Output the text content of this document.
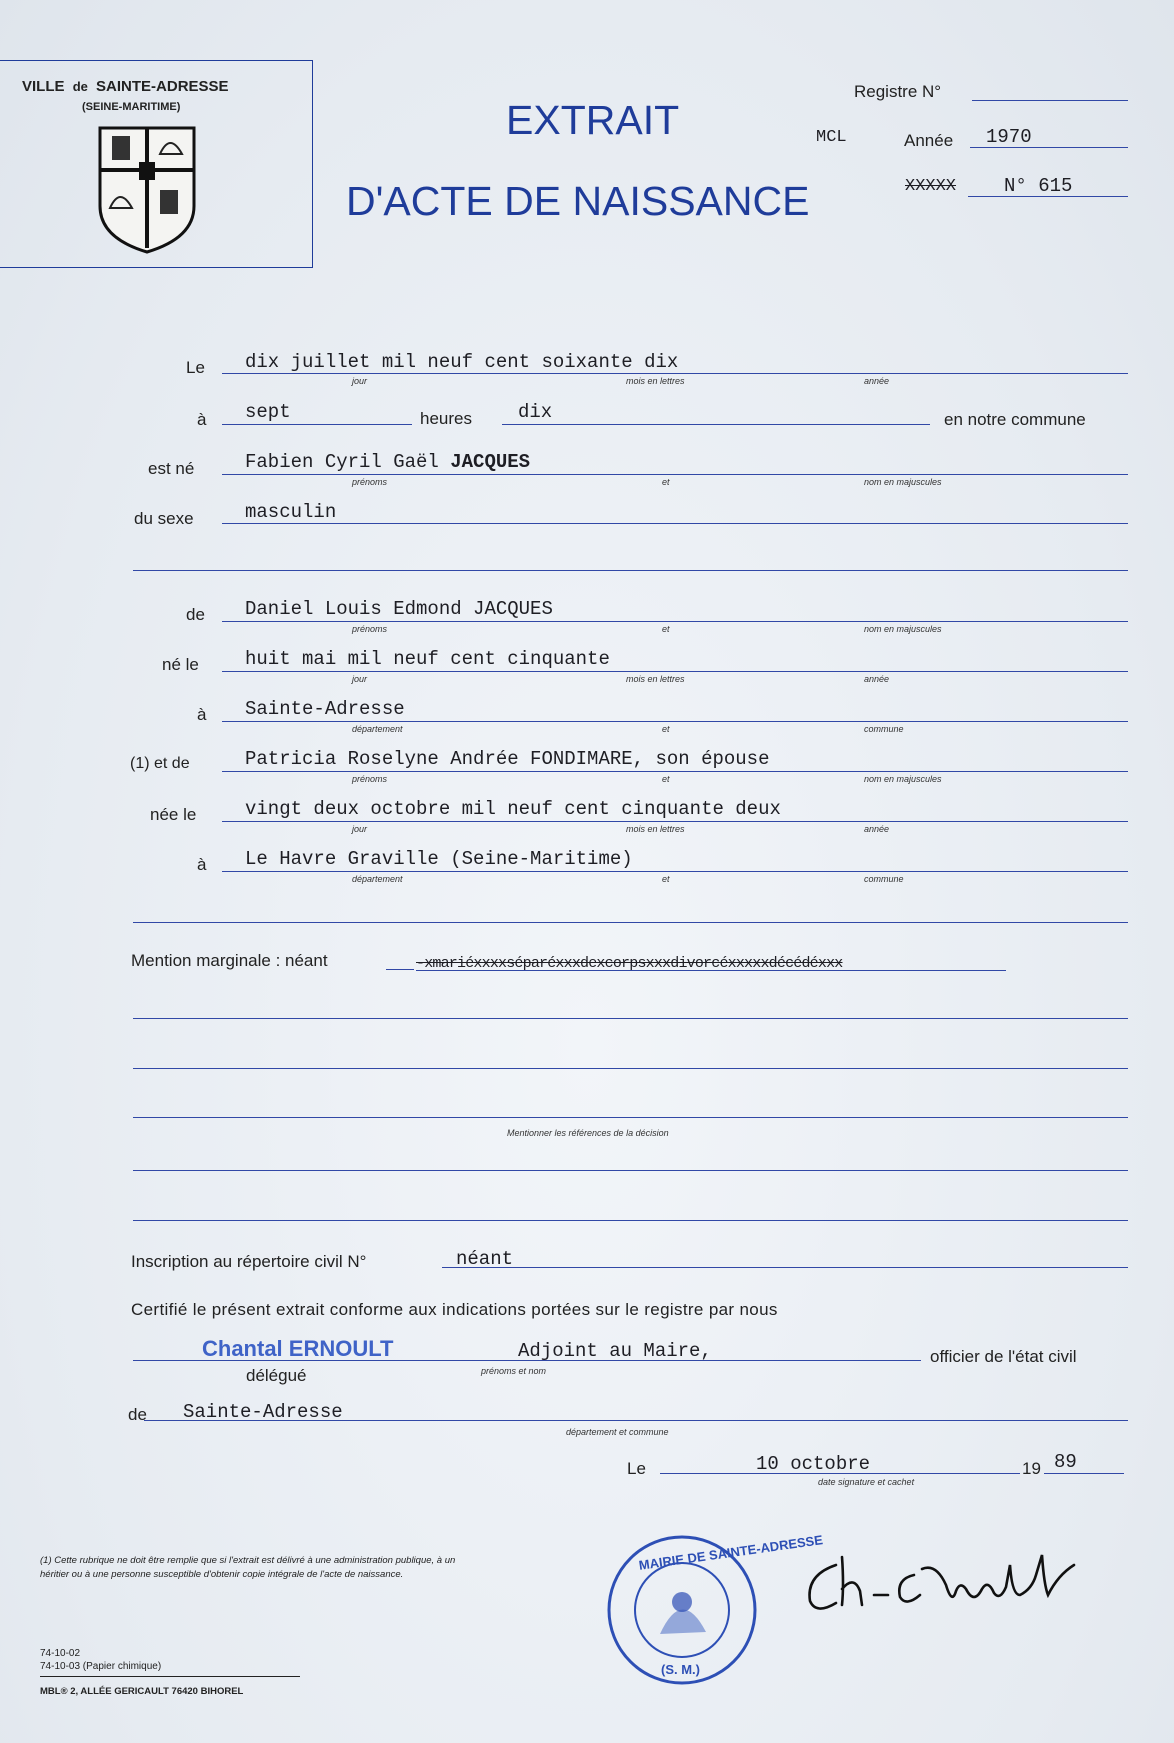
VILLE de SAINTE-ADRESSE
(SEINE-MARITIME)	EXTRAIT
D'ACTE DE NAISSANCE
Registre N°
MCL	Année 1970
XXXXX	N° 615
Le dix juillet mil neuf cent soixante dix
jour	mois en lettres	année
à sept	heures dix	en notre commune
est né	Fabien Cyril Gaël JACQUES
prénoms	et	nom en majuscules
du sexe	masculin
de Daniel Louis Edmond JACQUES
prénoms	et	nom en majuscules
né le huit mai mil neuf cent cinquante
jour	mois en lettres	année
à Sainte-Adresse
département	et	commune
(1) et de	Patricia Roselyne Andrée FONDIMARE, son épouse
prénoms	et	nom en majuscules
née le	vingt deux octobre mil neuf cent cinquante deux
jour	mois en lettres	année
à Le Havre Graville (Seine-Maritime)
département	et	commune
Mention marginale : néant	-xmariéxxxxséparéxxxdexcorpsxxxdivorcéxxxxxdécédéxxx
Mentionner les références de la décision
Inscription au répertoire civil N°	néant
Certifié le présent extrait conforme aux indications portées sur le registre par nous
Chantal ERNOULT	Adjoint au Maire,	officier de l'état civil
délégué	prénoms et nom
de Sainte-Adresse
département et commune
Le	10 octobre	19 89
date signature et cachet
MAIRIE DE SAINTE-ADRESSE
(S. M.)
(1) Cette rubrique ne doit être remplie que si l'extrait est délivré à une administration publique, à un héritier ou à une personne susceptible d'obtenir copie intégrale de l'acte de naissance.
74-10-02
74-10-03 (Papier chimique)
MBL® 2, ALLÉE GERICAULT 76420 BIHOREL
